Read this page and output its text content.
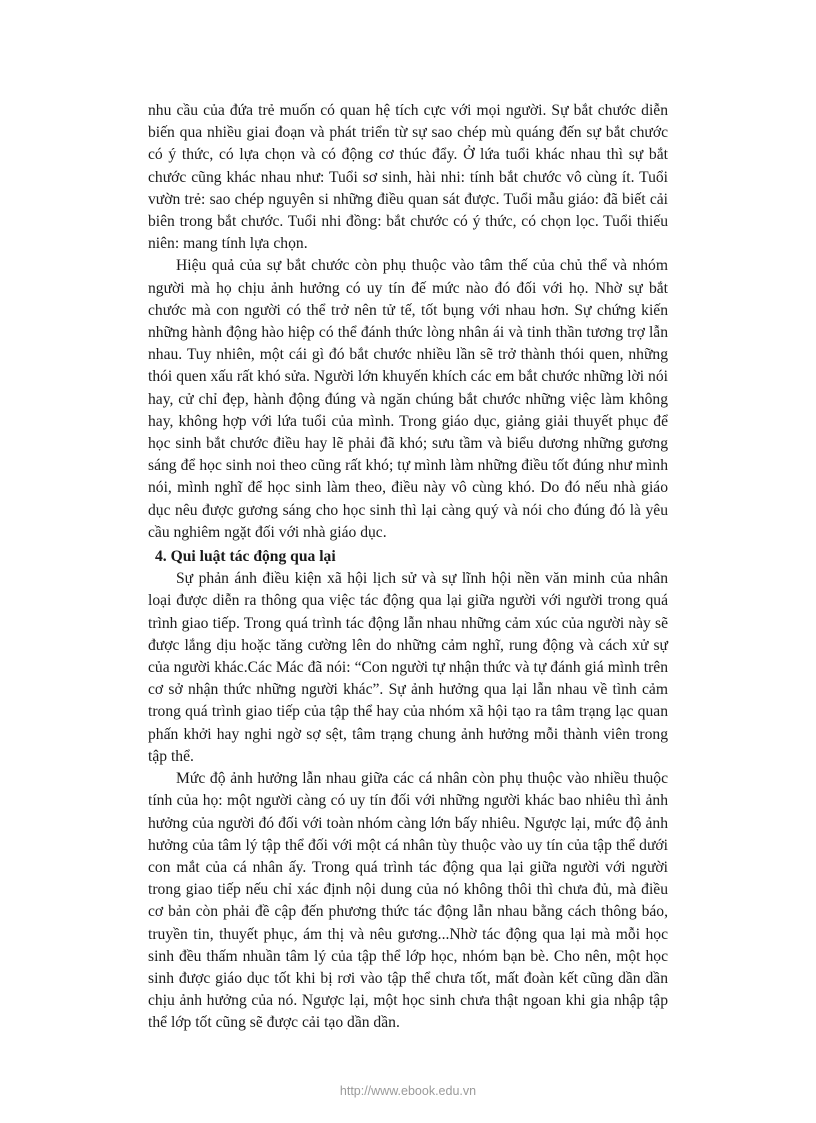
nhu cầu của đứa trẻ muốn có quan hệ tích cực với mọi người. Sự bắt chước diễn biến qua nhiều giai đoạn và phát triển từ sự sao chép mù quáng đến sự bắt chước có ý thức, có lựa chọn và có động cơ thúc đẩy. Ở lứa tuổi khác nhau thì sự bắt chước cũng khác nhau như: Tuổi sơ sinh, hài nhi: tính bắt chước vô cùng ít. Tuổi vườn trẻ: sao chép nguyên si những điều quan sát được. Tuổi mẫu giáo: đã biết cải biên trong bắt chước. Tuổi nhi đồng: bắt chước có ý thức, có chọn lọc. Tuổi thiếu niên: mang tính lựa chọn.

Hiệu quả của sự bắt chước còn phụ thuộc vào tâm thế của chủ thể và nhóm người mà họ chịu ảnh hưởng có uy tín đế mức nào đó đối với họ. Nhờ sự bắt chước mà con người có thể trở nên tử tế, tốt bụng với nhau hơn. Sự chứng kiến những hành động hào hiệp có thể đánh thức lòng nhân ái và tinh thần tương trợ lẫn nhau. Tuy nhiên, một cái gì đó bắt chước nhiều lần sẽ trở thành thói quen, những thói quen xấu rất khó sửa. Người lớn khuyến khích các em bắt chước những lời nói hay, cử chỉ đẹp, hành động đúng và ngăn chúng bắt chước những việc làm không hay, không hợp với lứa tuổi của mình. Trong giáo dục, giảng giải thuyết phục để học sinh bắt chước điều hay lẽ phải đã khó; sưu tầm và biểu dương những gương sáng để học sinh noi theo cũng rất khó; tự mình làm những điều tốt đúng như mình nói, mình nghĩ để học sinh làm theo, điều này vô cùng khó. Do đó nếu nhà giáo dục nêu được gương sáng cho học sinh thì lại càng quý và nói cho đúng đó là yêu cầu nghiêm ngặt đối với nhà giáo dục.

4. Qui luật tác động qua lại

Sự phản ánh điều kiện xã hội lịch sử và sự lĩnh hội nền văn minh của nhân loại được diễn ra thông qua việc tác động qua lại giữa người với người trong quá trình giao tiếp. Trong quá trình tác động lẫn nhau những cảm xúc của người này sẽ được lắng dịu hoặc tăng cường lên do những cảm nghĩ, rung động và cách xử sự của người khác.Các Mác đã nói: “Con người tự nhận thức và tự đánh giá mình trên cơ sở nhận thức những người khác”. Sự ảnh hưởng qua lại lẫn nhau về tình cảm trong quá trình giao tiếp của tập thể hay của nhóm xã hội tạo ra tâm trạng lạc quan phấn khởi hay nghi ngờ sợ sệt, tâm trạng chung ảnh hưởng mỗi thành viên trong tập thể.

Mức độ ảnh hưởng lẫn nhau giữa các cá nhân còn phụ thuộc vào nhiều thuộc tính của họ: một người càng có uy tín đối với những người khác bao nhiêu thì ảnh hưởng của người đó đối với toàn nhóm càng lớn bấy nhiêu. Ngược lại, mức độ ảnh hưởng của tâm lý tập thể đối với một cá nhân tùy thuộc vào uy tín của tập thể dưới con mắt của cá nhân ấy. Trong quá trình tác động qua lại giữa người với người trong giao tiếp nếu chỉ xác định nội dung của nó không thôi thì chưa đủ, mà điều cơ bản còn phải đề cập đến phương thức tác động lẫn nhau bằng cách thông báo, truyền tin, thuyết phục, ám thị và nêu gương...Nhờ tác động qua lại mà mỗi học sinh đều thấm nhuần tâm lý của tập thể lớp học, nhóm bạn bè. Cho nên, một học sinh được giáo dục tốt khi bị rơi vào tập thể chưa tốt, mất đoàn kết cũng dần dần chịu ảnh hưởng của nó. Ngược lại, một học sinh chưa thật ngoan khi gia nhập tập thể lớp tốt cũng sẽ được cải tạo dần dần.

http://www.ebook.edu.vn
